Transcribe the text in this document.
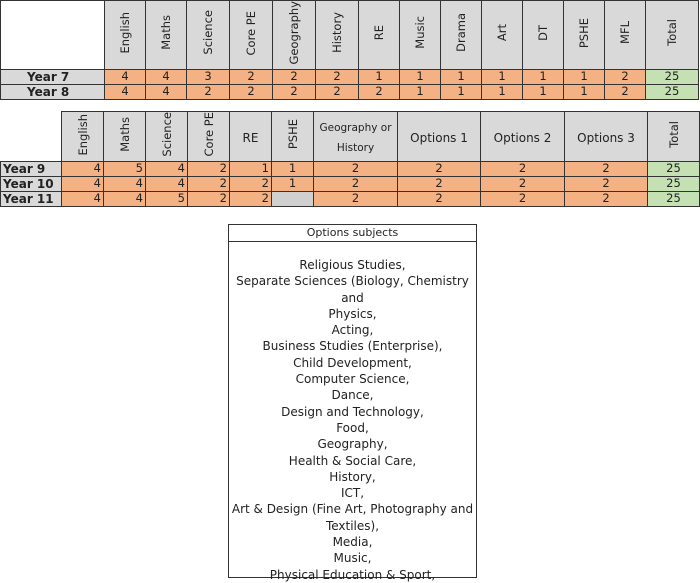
	English	Maths	Science	Core PE	Geography	History	RE	Music	Drama	Art	DT	PSHE	MFL	Total
Year 7	4	4	3	2	2	2	1	1	1	1	1	1	2	25
Year 8	4	4	2	2	2	2	2	1	1	1	1	1	2	25
	English	Maths	Science	Core PE	RE	PSHE	Geography or History	Options 1	Options 2	Options 3	Total
Year 9	4	5	4	2	1	1	2	2	2	2	25
Year 10	4	4	4	2	2	1	2	2	2	2	25
Year 11	4	4	5	2	2		2	2	2	2	25
Options subjects
Religious Studies,
Separate Sciences (Biology, Chemistry and
Physics,
Acting,
Business Studies (Enterprise),
Child Development,
Computer Science,
Dance,
Design and Technology,
Food,
Geography,
Health & Social Care,
History,
ICT,
Art & Design (Fine Art, Photography and
Textiles),
Media,
Music,
Physical Education & Sport,
